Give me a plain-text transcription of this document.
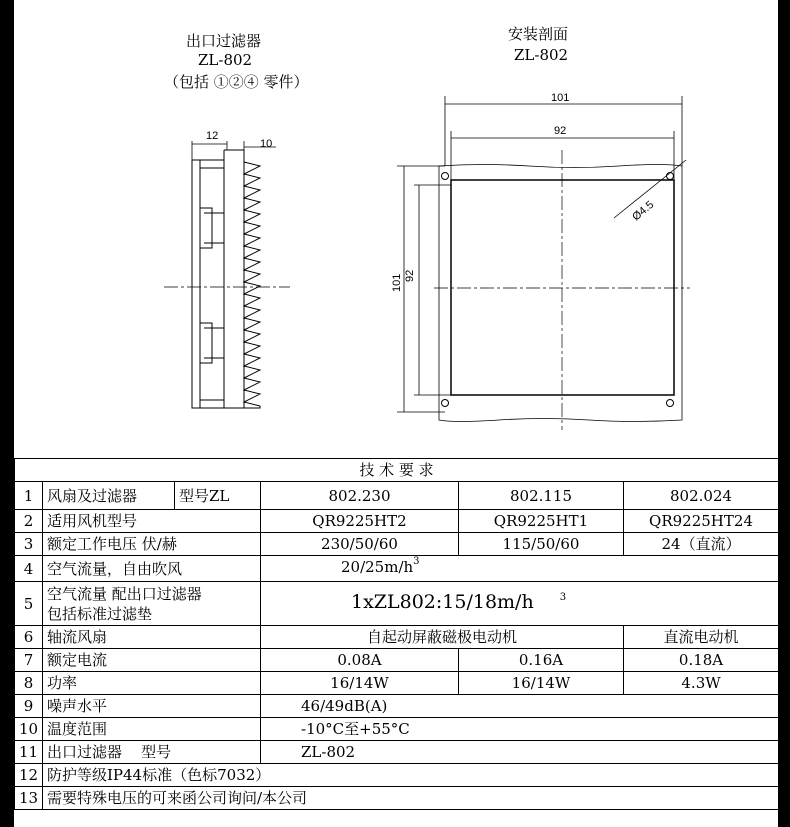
出口过滤器
ZL-802
（包括 ①②④ 零件）
安装剖面
ZL-802
12
10
101
92
101 92
Ø4.5
技 术 要 求					
1	风扇及过滤器	型号ZL	802.230	802.115	802.024
2	适用风机型号		QR9225HT2	QR9225HT1	QR9225HT24
3	额定工作电压 伏/赫		230/50/60	115/50/60	24（直流）
4	空气流量，自由吹风		$20/25m/h^3$
5	空气流量 配出口过滤器
包括标准过滤垫		1xZL802:15/18m/h $^3$
6	轴流风扇		自起动屏蔽磁极电动机		直流电动机
7	额定电流		0.08A	0.16A	0.18A
8	功率		16/14W	16/14W	4.3W
9	噪声水平		46/49dB(A)		
10	温度范围		-10°C至+55°C		
11	出口过滤器    型号		ZL-802		
12	防护等级IP44标准（色标7032）				
13	需要特殊电压的可来函公司询问/本公司				
